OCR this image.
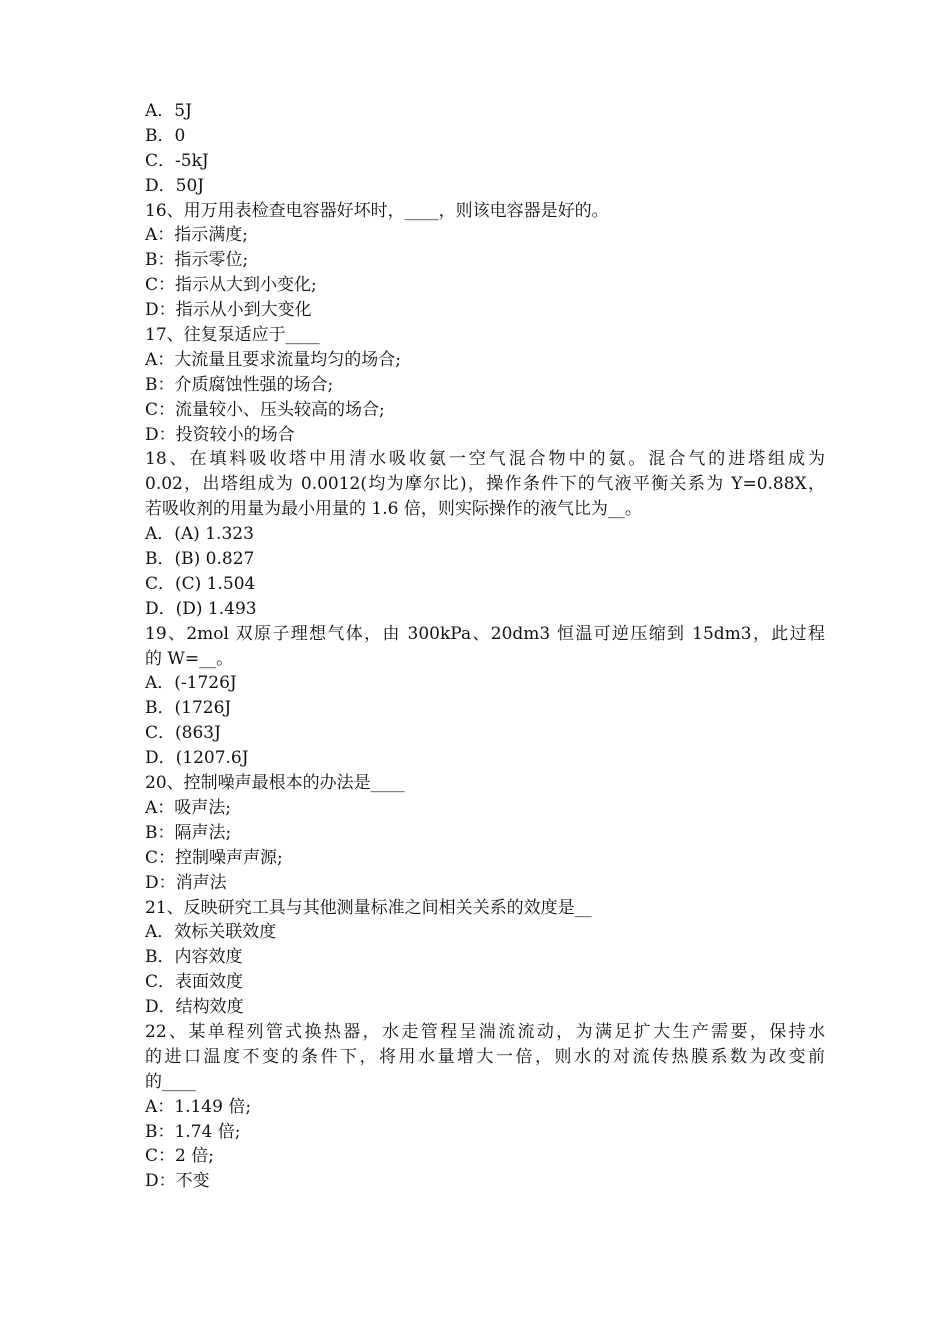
A．5J
B．0
C．-5kJ
D．50J
16、用万用表检查电容器好坏时，____，则该电容器是好的。
A：指示满度;
B：指示零位;
C：指示从大到小变化;
D：指示从小到大变化
17、往复泵适应于____
A：大流量且要求流量均匀的场合;
B：介质腐蚀性强的场合;
C：流量较小、压头较高的场合;
D：投资较小的场合
18、在填料吸收塔中用清水吸收氨一空气混合物中的氨。混合气的进塔组成为
0.02，出塔组成为 0.0012(均为摩尔比)，操作条件下的气液平衡关系为 Y=0.88X，
若吸收剂的用量为最小用量的 1.6 倍，则实际操作的液气比为__。
A．(A) 1.323
B．(B) 0.827
C．(C) 1.504
D．(D) 1.493
19、2mol 双原子理想气体，由 300kPa、20dm3 恒温可逆压缩到 15dm3，此过程
的 W=__。
A．(-1726J
B．(1726J
C．(863J
D．(1207.6J
20、控制噪声最根本的办法是____
A：吸声法;
B：隔声法;
C：控制噪声声源;
D：消声法
21、反映研究工具与其他测量标准之间相关关系的效度是__
A．效标关联效度
B．内容效度
C．表面效度
D．结构效度
22、某单程列管式换热器，水走管程呈湍流流动，为满足扩大生产需要，保持水
的进口温度不变的条件下，将用水量增大一倍，则水的对流传热膜系数为改变前
的____
A：1.149 倍;
B：1.74 倍;
C：2 倍;
D：不变
